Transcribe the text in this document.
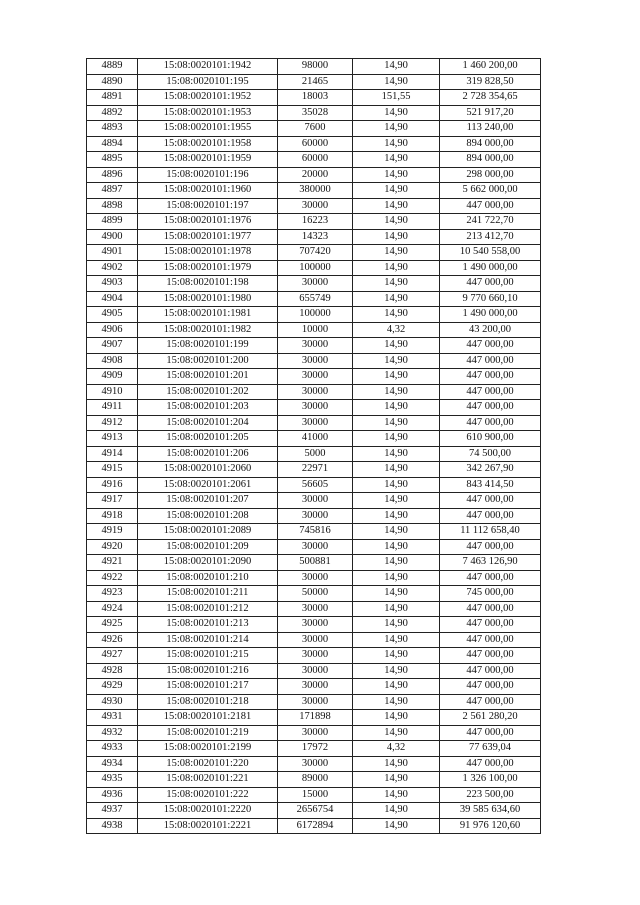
4889	15:08:0020101:1942	98000	14,90	1 460 200,00
4890	15:08:0020101:195	21465	14,90	319 828,50
4891	15:08:0020101:1952	18003	151,55	2 728 354,65
4892	15:08:0020101:1953	35028	14,90	521 917,20
4893	15:08:0020101:1955	7600	14,90	113 240,00
4894	15:08:0020101:1958	60000	14,90	894 000,00
4895	15:08:0020101:1959	60000	14,90	894 000,00
4896	15:08:0020101:196	20000	14,90	298 000,00
4897	15:08:0020101:1960	380000	14,90	5 662 000,00
4898	15:08:0020101:197	30000	14,90	447 000,00
4899	15:08:0020101:1976	16223	14,90	241 722,70
4900	15:08:0020101:1977	14323	14,90	213 412,70
4901	15:08:0020101:1978	707420	14,90	10 540 558,00
4902	15:08:0020101:1979	100000	14,90	1 490 000,00
4903	15:08:0020101:198	30000	14,90	447 000,00
4904	15:08:0020101:1980	655749	14,90	9 770 660,10
4905	15:08:0020101:1981	100000	14,90	1 490 000,00
4906	15:08:0020101:1982	10000	4,32	43 200,00
4907	15:08:0020101:199	30000	14,90	447 000,00
4908	15:08:0020101:200	30000	14,90	447 000,00
4909	15:08:0020101:201	30000	14,90	447 000,00
4910	15:08:0020101:202	30000	14,90	447 000,00
4911	15:08:0020101:203	30000	14,90	447 000,00
4912	15:08:0020101:204	30000	14,90	447 000,00
4913	15:08:0020101:205	41000	14,90	610 900,00
4914	15:08:0020101:206	5000	14,90	74 500,00
4915	15:08:0020101:2060	22971	14,90	342 267,90
4916	15:08:0020101:2061	56605	14,90	843 414,50
4917	15:08:0020101:207	30000	14,90	447 000,00
4918	15:08:0020101:208	30000	14,90	447 000,00
4919	15:08:0020101:2089	745816	14,90	11 112 658,40
4920	15:08:0020101:209	30000	14,90	447 000,00
4921	15:08:0020101:2090	500881	14,90	7 463 126,90
4922	15:08:0020101:210	30000	14,90	447 000,00
4923	15:08:0020101:211	50000	14,90	745 000,00
4924	15:08:0020101:212	30000	14,90	447 000,00
4925	15:08:0020101:213	30000	14,90	447 000,00
4926	15:08:0020101:214	30000	14,90	447 000,00
4927	15:08:0020101:215	30000	14,90	447 000,00
4928	15:08:0020101:216	30000	14,90	447 000,00
4929	15:08:0020101:217	30000	14,90	447 000,00
4930	15:08:0020101:218	30000	14,90	447 000,00
4931	15:08:0020101:2181	171898	14,90	2 561 280,20
4932	15:08:0020101:219	30000	14,90	447 000,00
4933	15:08:0020101:2199	17972	4,32	77 639,04
4934	15:08:0020101:220	30000	14,90	447 000,00
4935	15:08:0020101:221	89000	14,90	1 326 100,00
4936	15:08:0020101:222	15000	14,90	223 500,00
4937	15:08:0020101:2220	2656754	14,90	39 585 634,60
4938	15:08:0020101:2221	6172894	14,90	91 976 120,60
